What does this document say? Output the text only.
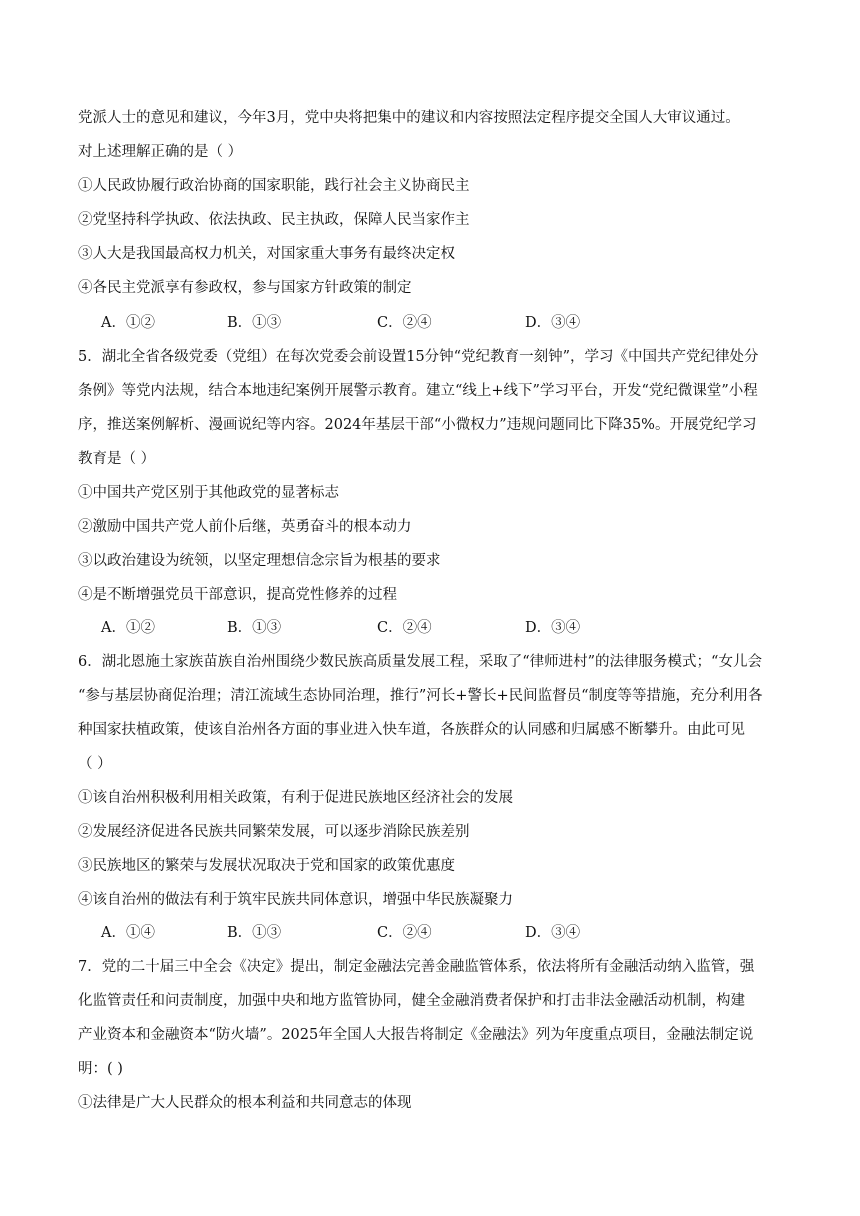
党派人士的意见和建议，今年3月，党中央将把集中的建议和内容按照法定程序提交全国人大审议通过。
对上述理解正确的是（ ）
①人民政协履行政治协商的国家职能，践行社会主义协商民主
②党坚持科学执政、依法执政、民主执政，保障人民当家作主
③人大是我国最高权力机关，对国家重大事务有最终决定权
④各民主党派享有参政权，参与国家方针政策的制定
A．①②	B．①③	C．②④	D．③④
5．湖北全省各级党委（党组）在每次党委会前设置15分钟“党纪教育一刻钟”，学习《中国共产党纪律处分
条例》等党内法规，结合本地违纪案例开展警示教育。建立“线上+线下”学习平台，开发“党纪微课堂”小程
序，推送案例解析、漫画说纪等内容。2024年基层干部“小微权力”违规问题同比下降35%。开展党纪学习
教育是（ ）
①中国共产党区别于其他政党的显著标志
②激励中国共产党人前仆后继，英勇奋斗的根本动力
③以政治建设为统领，以坚定理想信念宗旨为根基的要求
④是不断增强党员干部意识，提高党性修养的过程
A．①②	B．①③	C．②④	D．③④
6．湖北恩施土家族苗族自治州围绕少数民族高质量发展工程，采取了“律师进村”的法律服务模式；“女儿会
“参与基层协商促治理；清江流域生态协同治理，推行”河长+警长+民间监督员“制度等等措施，充分利用各
种国家扶植政策，使该自治州各方面的事业进入快车道，各族群众的认同感和归属感不断攀升。由此可见
（ ）
①该自治州积极利用相关政策，有利于促进民族地区经济社会的发展
②发展经济促进各民族共同繁荣发展，可以逐步消除民族差别
③民族地区的繁荣与发展状况取决于党和国家的政策优惠度
④该自治州的做法有利于筑牢民族共同体意识，增强中华民族凝聚力
A．①④	B．①③	C．②④	D．③④
7．党的二十届三中全会《决定》提出，制定金融法完善金融监管体系，依法将所有金融活动纳入监管，强
化监管责任和问责制度，加强中央和地方监管协同，健全金融消费者保护和打击非法金融活动机制，构建
产业资本和金融资本“防火墙”。2025年全国人大报告将制定《金融法》列为年度重点项目，金融法制定说
明：( )
①法律是广大人民群众的根本利益和共同意志的体现
